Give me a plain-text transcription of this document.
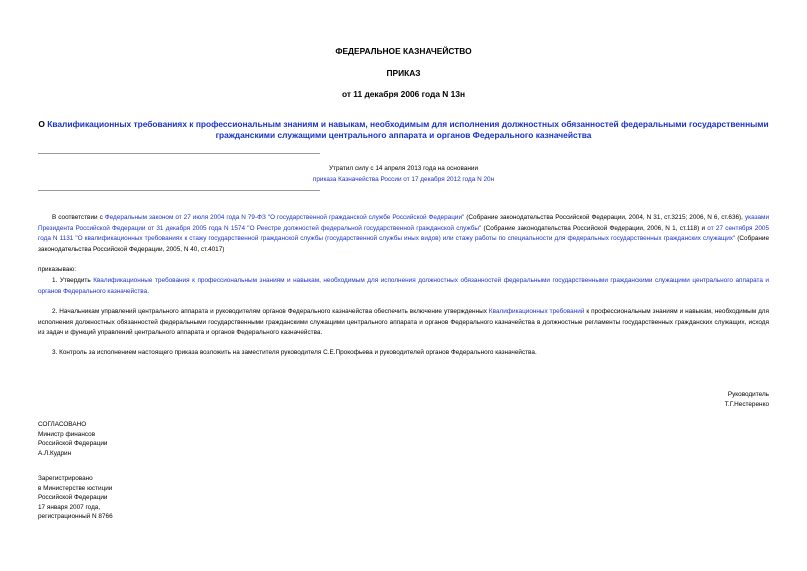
ФЕДЕРАЛЬНОЕ КАЗНАЧЕЙСТВО
ПРИКАЗ
от 11 декабря 2006 года N 13н
О Квалификационных требованиях к профессиональным знаниям и навыкам, необходимым для исполнения должностных обязанностей федеральными государственными гражданскими служащими центрального аппарата и органов Федерального казначейства
Утратил силу с 14 апреля 2013 года на основании
приказа Казначейства России от 17 декабря 2012 года N 20н
В соответствии с Федеральным законом от 27 июля 2004 года N 79-ФЗ "О государственной гражданской службе Российской Федерации" (Собрание законодательства Российской Федерации, 2004, N 31, ст.3215; 2006, N 6, ст.636), указами Президента Российской Федерации от 31 декабря 2005 года N 1574 "О Реестре должностей федеральной государственной гражданской службы" (Собрание законодательства Российской Федерации, 2006, N 1, ст.118) и от 27 сентября 2005 года N 1131 "О квалификационных требованиях к стажу государственной гражданской службы (государственной службы иных видов) или стажу работы по специальности для федеральных государственных гражданских служащих" (Собрание законодательства Российской Федерации, 2005, N 40, ст.4017)
приказываю:
1. Утвердить Квалификационные требования к профессиональным знаниям и навыкам, необходимым для исполнения должностных обязанностей федеральными государственными гражданскими служащими центрального аппарата и органов Федерального казначейства.
2. Начальникам управлений центрального аппарата и руководителям органов Федерального казначейства обеспечить включение утвержденных Квалификационных требований к профессиональным знаниям и навыкам, необходимым для исполнения должностных обязанностей федеральными государственными гражданскими служащими центрального аппарата и органов Федерального казначейства в должностные регламенты государственных гражданских служащих, исходя из задач и функций управлений центрального аппарата и органов Федерального казначейства.
3. Контроль за исполнением настоящего приказа возложить на заместителя руководителя С.Е.Прокофьева и руководителей органов Федерального казначейства.
Руководитель
Т.Г.Нестеренко
СОГЛАСОВАНО
Министр финансов
Российской Федерации
А.Л.Кудрин
Зарегистрировано
в Министерстве юстиции
Российской Федерации
17 января 2007 года,
регистрационный N 8766
